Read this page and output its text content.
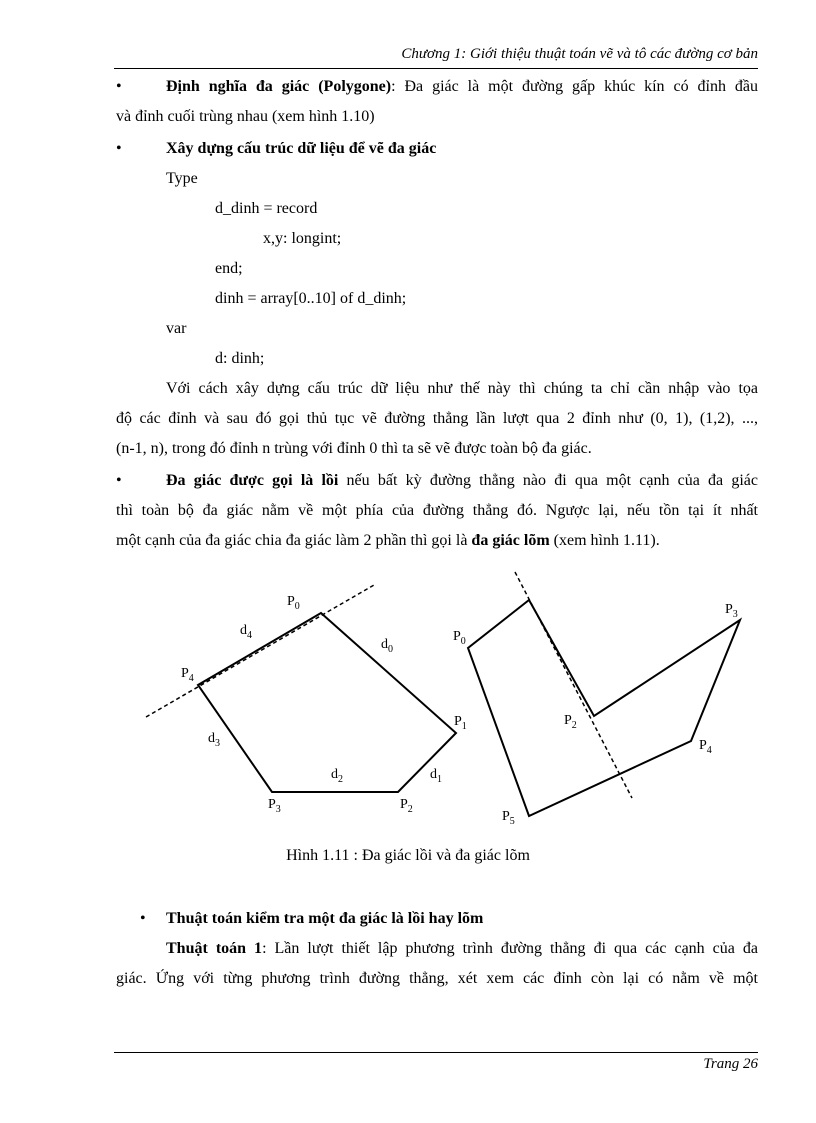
Chương 1: Giới thiệu thuật toán vẽ và tô các đường cơ bản
•	Định nghĩa đa giác (Polygone): Đa giác là một đường gấp khúc kín có đỉnh đầu
và đỉnh cuối trùng nhau (xem hình 1.10)
•	Xây dựng cấu trúc dữ liệu để vẽ đa giác
Type
d_dinh = record
x,y: longint;
end;
dinh = array[0..10] of d_dinh;
var
d: dinh;
Với cách xây dựng cấu trúc dữ liệu như thế này thì chúng ta chỉ cần nhập vào tọa
độ các đỉnh và sau đó gọi thủ tục vẽ đường thẳng lần lượt qua 2 đỉnh như (0, 1), (1,2), ...,
(n-1, n), trong đó đỉnh n trùng với đỉnh 0 thì ta sẽ vẽ được toàn bộ đa giác.
•	Đa giác được gọi là lồi nếu bất kỳ đường thẳng nào đi qua một cạnh của đa giác
thì toàn bộ đa giác nằm về một phía của đường thẳng đó. Ngược lại, nếu tồn tại ít nhất
một cạnh của đa giác chia đa giác làm 2 phần thì gọi là đa giác lõm (xem hình 1.11).
$P_0$
$P_1$
$P_2$
$P_3$
$P_4$
$d_0$
$d_1$
$d_2$
$d_3$
$d_4$	$P_0$
$P_3$
$P_2$
$P_4$
$P_5$
Hình 1.11 : Đa giác lồi và đa giác lõm
• Thuật toán kiểm tra một đa giác là lồi hay lõm
Thuật toán 1: Lần lượt thiết lập phương trình đường thẳng đi qua các cạnh của đa
giác. Ứng với từng phương trình đường thẳng, xét xem các đỉnh còn lại có nằm về một
Trang 26
